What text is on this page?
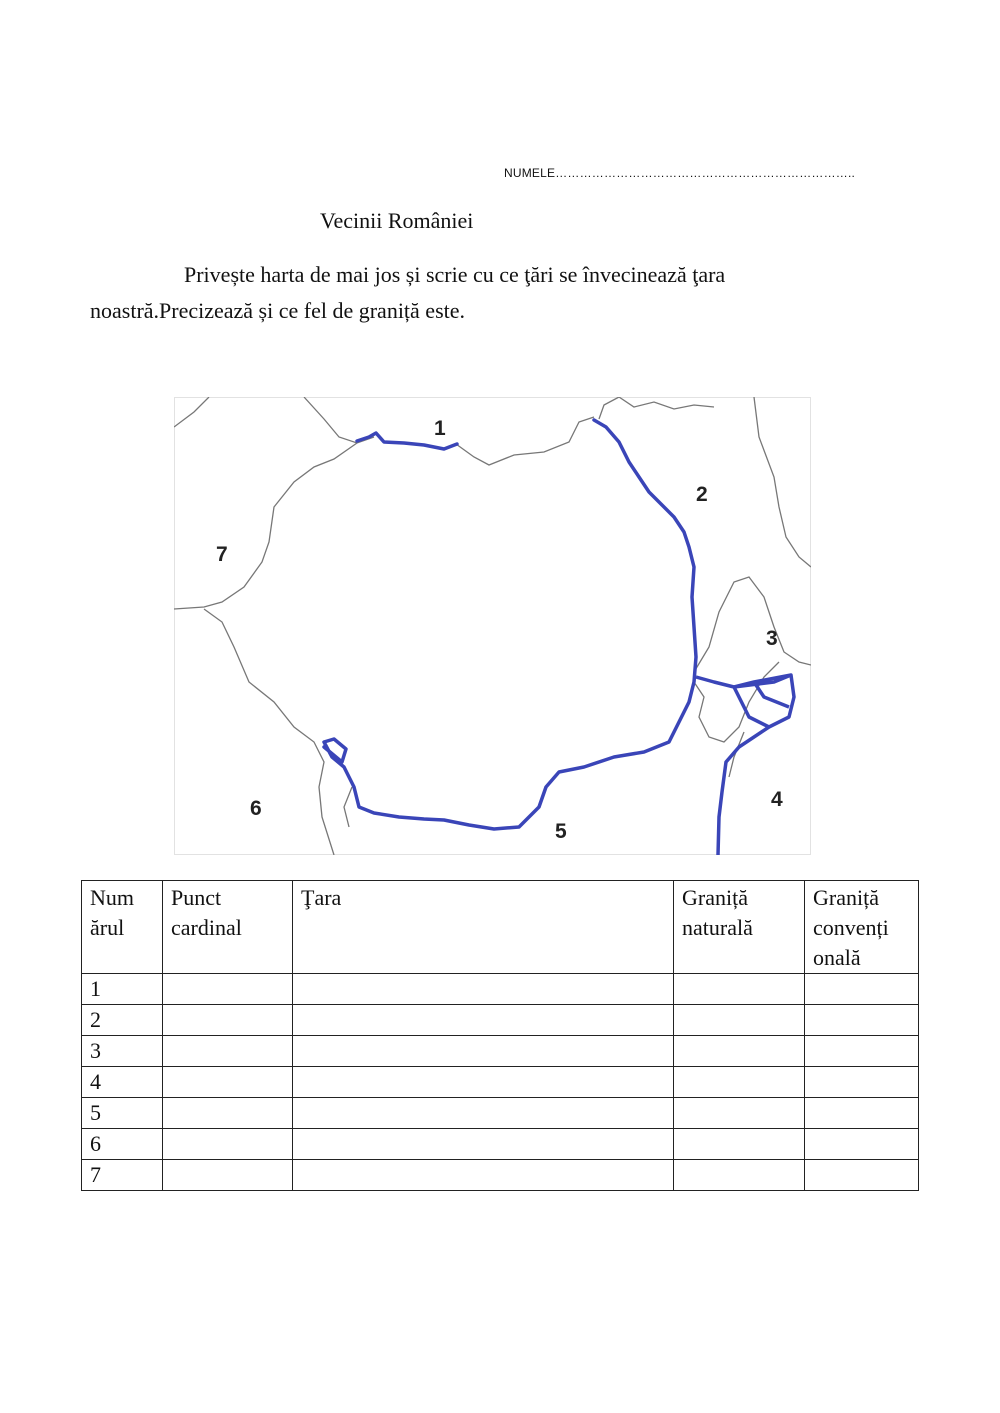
NUMELE………………………………………………………………..
Vecinii României
Privește harta de mai jos și scrie cu ce ţări se învecinează ţara noastră.Precizează și ce fel de graniță este.
1
2
3
4
5
6
7
Num ărul	Punct cardinal	Ţara	Graniță naturală	Graniță convenți onală
1				
2				
3				
4				
5				
6				
7				
